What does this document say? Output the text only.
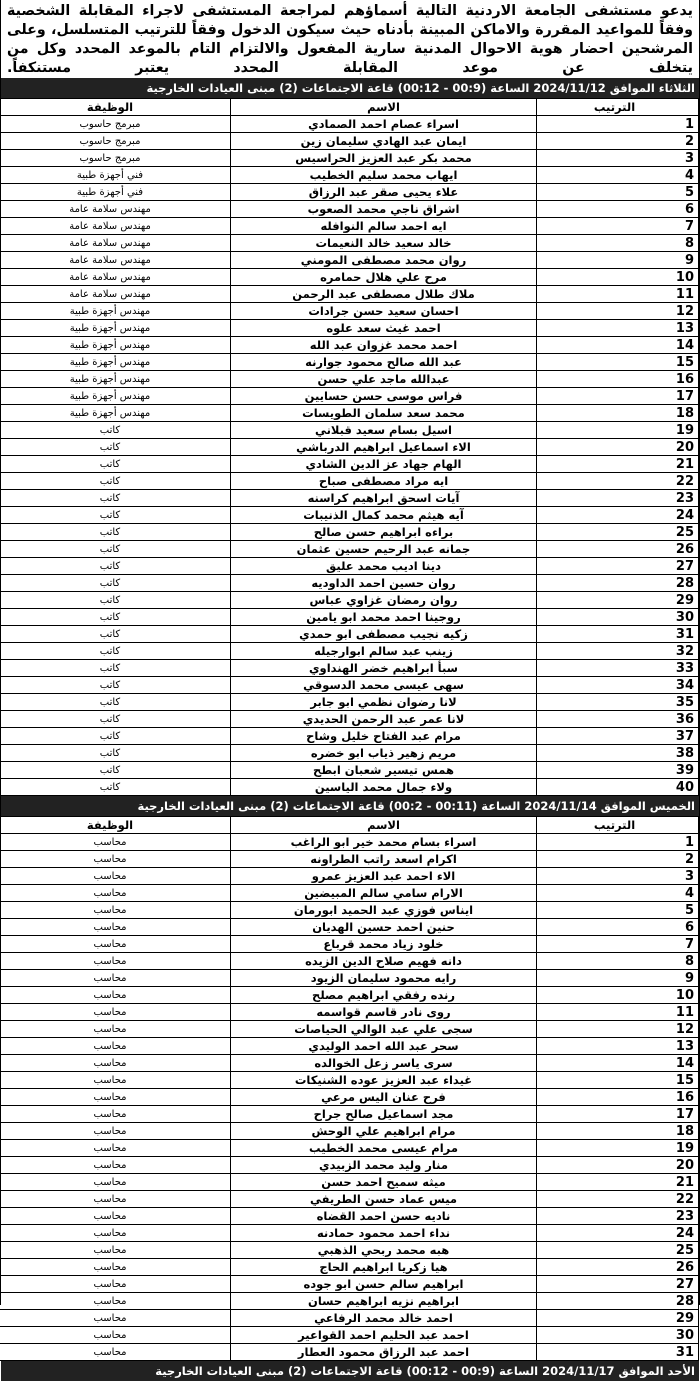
يدعو مستشفى الجامعة الاردنية التالية أسماؤهم لمراجعة المستشفى لاجراء المقابلة الشخصية وفقاً للمواعيد المقررة والاماكن المبينة بأدناه حيث سيكون الدخول وفقاً للترتيب المتسلسل، وعلى المرشحين احضار هوية الاحوال المدنية سارية المفعول والالتزام التام بالموعد المحدد وكل من يتخلف عن موعد المقابلة المحدد يعتبر مستنكفاً.
الثلاثاء الموافق 2024/11/12 الساعة (00:9 - 00:12) قاعة الاجتماعات (2) مبنى العيادات الخارجية
الترتيب	الاسم	الوظيفة
1	اسراء عصام احمد الصمادي	مبرمج حاسوب
2	ايمان عبد الهادي سليمان زين	مبرمج حاسوب
3	محمد بكر عبد العزيز الحراسيس	مبرمج حاسوب
4	ايهاب محمد سليم الخطيب	فني أجهزة طبية
5	علاء يحيى صقر عبد الرزاق	فني أجهزة طبية
6	اشراق ناجي محمد الصعوب	مهندس سلامة عامة
7	ايه احمد سالم النوافله	مهندس سلامة عامة
8	خالد سعيد خالد النعيمات	مهندس سلامة عامة
9	روان محمد مصطفى المومني	مهندس سلامة عامة
10	مرح علي هلال حمامره	مهندس سلامة عامة
11	ملاك طلال مصطفى عبد الرحمن	مهندس سلامة عامة
12	احسان سعيد حسن جرادات	مهندس أجهزة طبية
13	احمد غيث سعد علوه	مهندس أجهزة طبية
14	احمد محمد غزوان عبد الله	مهندس أجهزة طبية
15	عبد الله صالح محمود جوارنه	مهندس أجهزة طبية
16	عبدالله ماجد علي حسن	مهندس أجهزة طبية
17	فراس موسى حسن حسايين	مهندس أجهزة طبية
18	محمد سعد سلمان الطويسات	مهندس أجهزة طبية
19	اسيل بسام سعيد قبلاني	كاتب
20	الاء اسماعيل ابراهيم الدرباشي	كاتب
21	الهام جهاد عز الدين الشادي	كاتب
22	ايه مراد مصطفى صباح	كاتب
23	آيات اسحق ابراهيم كراسنه	كاتب
24	آيه هيثم محمد كمال الذنيبات	كاتب
25	براءه ابراهيم حسن صالح	كاتب
26	جمانه عبد الرحيم حسين عثمان	كاتب
27	دينا اديب محمد عليق	كاتب
28	روان حسين احمد الداوديه	كاتب
29	روان رمضان غزاوي عباس	كاتب
30	روجينا احمد محمد ابو يامين	كاتب
31	زكيه نجيب مصطفى ابو حمدي	كاتب
32	زينب عبد سالم ابوارجيله	كاتب
33	سبأ ابراهيم خضر الهنداوي	كاتب
34	سهى عيسى محمد الدسوقي	كاتب
35	لانا رضوان نظمي ابو جابر	كاتب
36	لانا عمر عبد الرحمن الحديدي	كاتب
37	مرام عبد الفتاح خليل وشاح	كاتب
38	مريم زهير ذياب ابو خضره	كاتب
39	همس تيسير شعبان ابطح	كاتب
40	ولاء جمال محمد الياسين	كاتب
الخميس الموافق 2024/11/14 الساعة (00:11 - 00:2) قاعة الاجتماعات (2) مبنى العيادات الخارجية
الترتيب	الاسم	الوظيفة
1	اسراء بسام محمد خير ابو الراغب	محاسب
2	اكرام اسعد راتب الطراونه	محاسب
3	الاء احمد عبد العزيز عمرو	محاسب
4	الارام سامي سالم المبيضين	محاسب
5	ايناس فوزي عبد الحميد ابورمان	محاسب
6	حنين احمد حسين الهديان	محاسب
7	خلود زياد محمد قرباع	محاسب
8	دانه فهيم صلاح الدين الزيده	محاسب
9	رايه محمود سليمان الزيود	محاسب
10	رنده رفقي ابراهيم مصلح	محاسب
11	روى نادر قاسم قواسمه	محاسب
12	سجى علي عبد الوالي الحياصات	محاسب
13	سحر عبد الله احمد الوليدي	محاسب
14	سرى ياسر زعل الخوالده	محاسب
15	غيداء عبد العزيز عوده الشنيكات	محاسب
16	فرح عنان اليس مرعي	محاسب
17	مجد اسماعيل صالح جراح	محاسب
18	مرام ابراهيم علي الوحش	محاسب
19	مرام عيسى محمد الخطيب	محاسب
20	منار وليد محمد الزبيدي	محاسب
21	ميثه سميح احمد حسن	محاسب
22	ميس عماد حسن الطريفي	محاسب
23	ناديه حسن احمد القضاه	محاسب
24	نداء احمد محمود حمادنه	محاسب
25	هبه محمد ربحي الذهبي	محاسب
26	هيا زكريا ابراهيم الحاج	محاسب
27	ابراهيم سالم حسن ابو جوده	محاسب
28	ابراهيم نزيه ابراهيم حسان	محاسب
29	احمد خالد محمد الرفاعي	محاسب
30	احمد عبد الحليم احمد القواعير	محاسب
31	احمد عبد الرزاق محمود العطار	محاسب
الأحد الموافق 2024/11/17 الساعة (00:9 - 00:12) قاعة الاجتماعات (2) مبنى العيادات الخارجية
